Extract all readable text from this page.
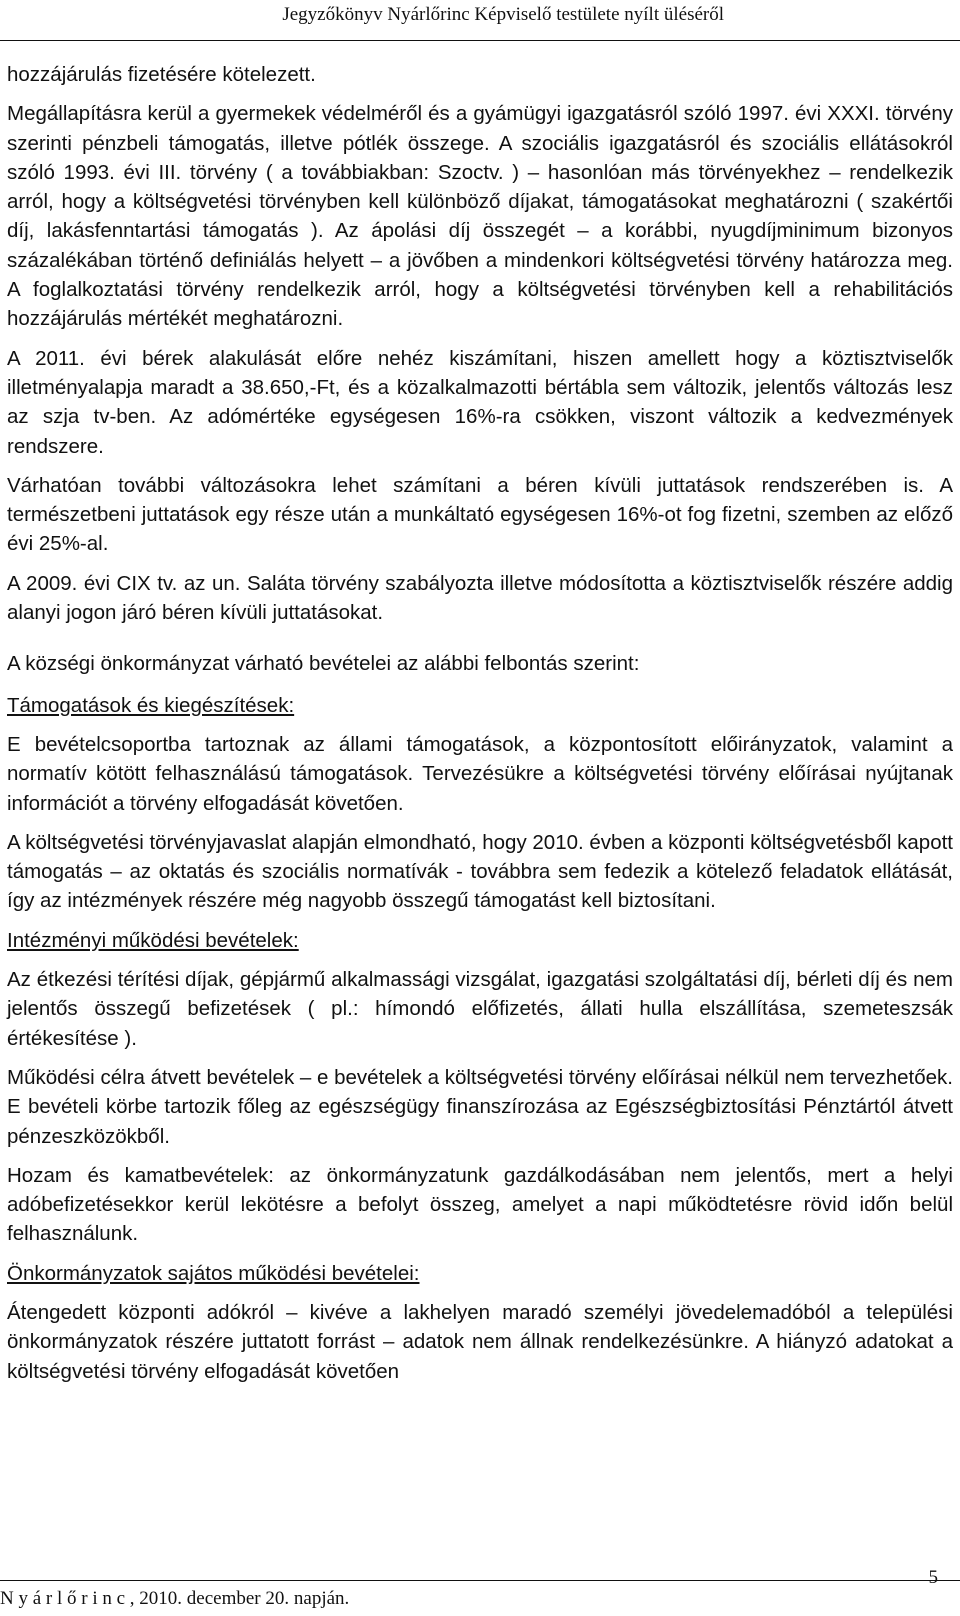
Jegyzőkönyv Nyárlőrinc Képviselő testülete nyílt üléséről

hozzájárulás fizetésére kötelezett.

Megállapításra kerül a gyermekek védelméről és a gyámügyi igazgatásról szóló 1997. évi XXXI. törvény szerinti pénzbeli támogatás, illetve pótlék összege. A szociális igazgatásról és szociális ellátásokról szóló 1993. évi III. törvény ( a továbbiakban: Szoctv. ) – hasonlóan más törvényekhez – rendelkezik arról, hogy a költségvetési törvényben kell különböző díjakat, támogatásokat meghatározni ( szakértői díj, lakásfenntartási támogatás ). Az ápolási díj összegét – a korábbi, nyugdíjminimum bizonyos százalékában történő definiálás helyett – a jövőben a mindenkori költségvetési törvény határozza meg. A foglalkoztatási törvény rendelkezik arról, hogy a költségvetési törvényben kell a rehabilitációs hozzájárulás mértékét meghatározni.

A 2011. évi bérek alakulását előre nehéz kiszámítani, hiszen amellett hogy a köztisztviselők illetményalapja maradt a 38.650,-Ft, és a közalkalmazotti bértábla sem változik, jelentős változás lesz az szja tv-ben. Az adómértéke egységesen 16%-ra csökken, viszont változik a kedvezmények rendszere.

Várhatóan további változásokra lehet számítani a béren kívüli juttatások rendszerében is. A természetbeni juttatások egy része után a munkáltató egységesen 16%-ot fog fizetni, szemben az előző évi 25%-al.

A 2009. évi CIX tv. az un. Saláta törvény szabályozta illetve módosította a köztisztviselők részére addig alanyi jogon járó béren kívüli juttatásokat.

A községi önkormányzat várható bevételei az alábbi felbontás szerint:

Támogatások és kiegészítések:

E bevételcsoportba tartoznak az állami támogatások, a központosított előirányzatok, valamint a normatív kötött felhasználású támogatások. Tervezésükre a költségvetési törvény előírásai nyújtanak információt a törvény elfogadását követően.

A költségvetési törvényjavaslat alapján elmondható, hogy 2010. évben a központi költségvetésből kapott támogatás – az oktatás és szociális normatívák - továbbra sem fedezik a kötelező feladatok ellátását, így az intézmények részére még nagyobb összegű támogatást kell biztosítani.

Intézményi működési bevételek:

Az étkezési térítési díjak, gépjármű alkalmassági vizsgálat, igazgatási szolgáltatási díj, bérleti díj és nem jelentős összegű befizetések ( pl.: hímondó előfizetés, állati hulla elszállítása, szemeteszsák értékesítése ).

Működési célra átvett bevételek – e bevételek a költségvetési törvény előírásai nélkül nem tervezhetőek. E bevételi körbe tartozik főleg az egészségügy finanszírozása az Egészségbiztosítási Pénztártól átvett pénzeszközökből.

Hozam és kamatbevételek: az önkormányzatunk gazdálkodásában nem jelentős, mert a helyi adóbefizetésekkor kerül lekötésre a befolyt összeg, amelyet a napi működtetésre rövid időn belül felhasználunk.

Önkormányzatok sajátos működési bevételei:

Átengedett központi adókról – kivéve a lakhelyen maradó személyi jövedelemadóból a települési önkormányzatok részére juttatott forrást – adatok nem állnak rendelkezésünkre. A hiányzó adatokat a költségvetési törvény elfogadását követően

N y á r l ő r i n c , 2010. december 20. napján.
5
